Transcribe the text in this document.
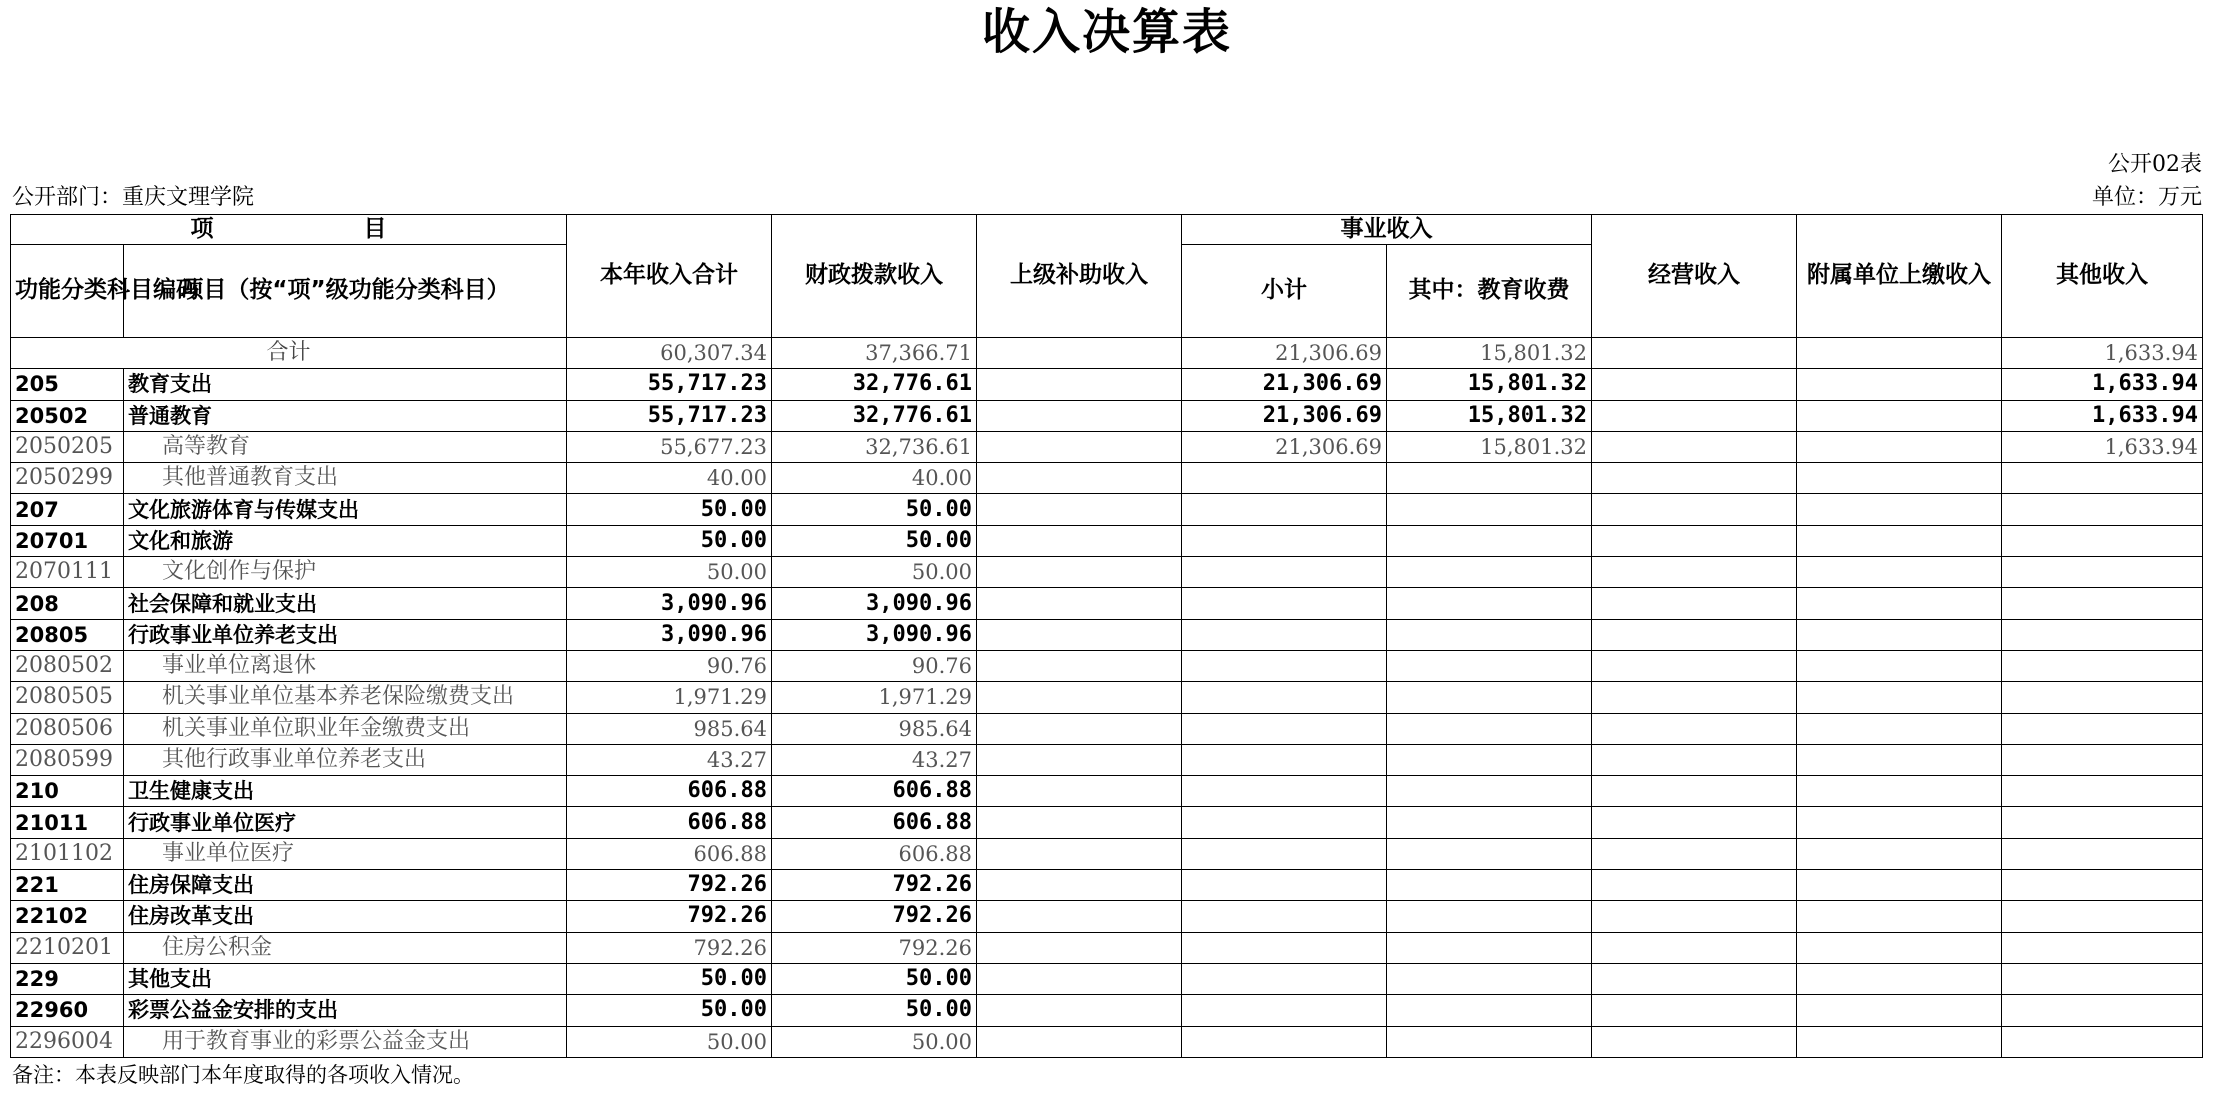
收入决算表
公开02表
公开部门：重庆文理学院	单位：万元
项 目		本年收入合计	财政拨款收入	上级补助收入	事业收入		经营收入	附属单位上缴收入	其他收入
功能分类科目编码	项目（按“项”级功能分类科目）				小计	其中：教育收费			
合计		60,307.34	37,366.71		21,306.69	15,801.32			1,633.94
205	教育支出	55,717.23	32,776.61		21,306.69	15,801.32			1,633.94
20502	普通教育	55,717.23	32,776.61		21,306.69	15,801.32			1,633.94
2050205	高等教育	55,677.23	32,736.61		21,306.69	15,801.32			1,633.94
2050299	其他普通教育支出	40.00	40.00						
207	文化旅游体育与传媒支出	50.00	50.00						
20701	文化和旅游	50.00	50.00						
2070111	文化创作与保护	50.00	50.00						
208	社会保障和就业支出	3,090.96	3,090.96						
20805	行政事业单位养老支出	3,090.96	3,090.96						
2080502	事业单位离退休	90.76	90.76						
2080505	机关事业单位基本养老保险缴费支出	1,971.29	1,971.29						
2080506	机关事业单位职业年金缴费支出	985.64	985.64						
2080599	其他行政事业单位养老支出	43.27	43.27						
210	卫生健康支出	606.88	606.88						
21011	行政事业单位医疗	606.88	606.88						
2101102	事业单位医疗	606.88	606.88						
221	住房保障支出	792.26	792.26						
22102	住房改革支出	792.26	792.26						
2210201	住房公积金	792.26	792.26						
229	其他支出	50.00	50.00						
22960	彩票公益金安排的支出	50.00	50.00						
2296004	用于教育事业的彩票公益金支出	50.00	50.00						
备注：本表反映部门本年度取得的各项收入情况。
